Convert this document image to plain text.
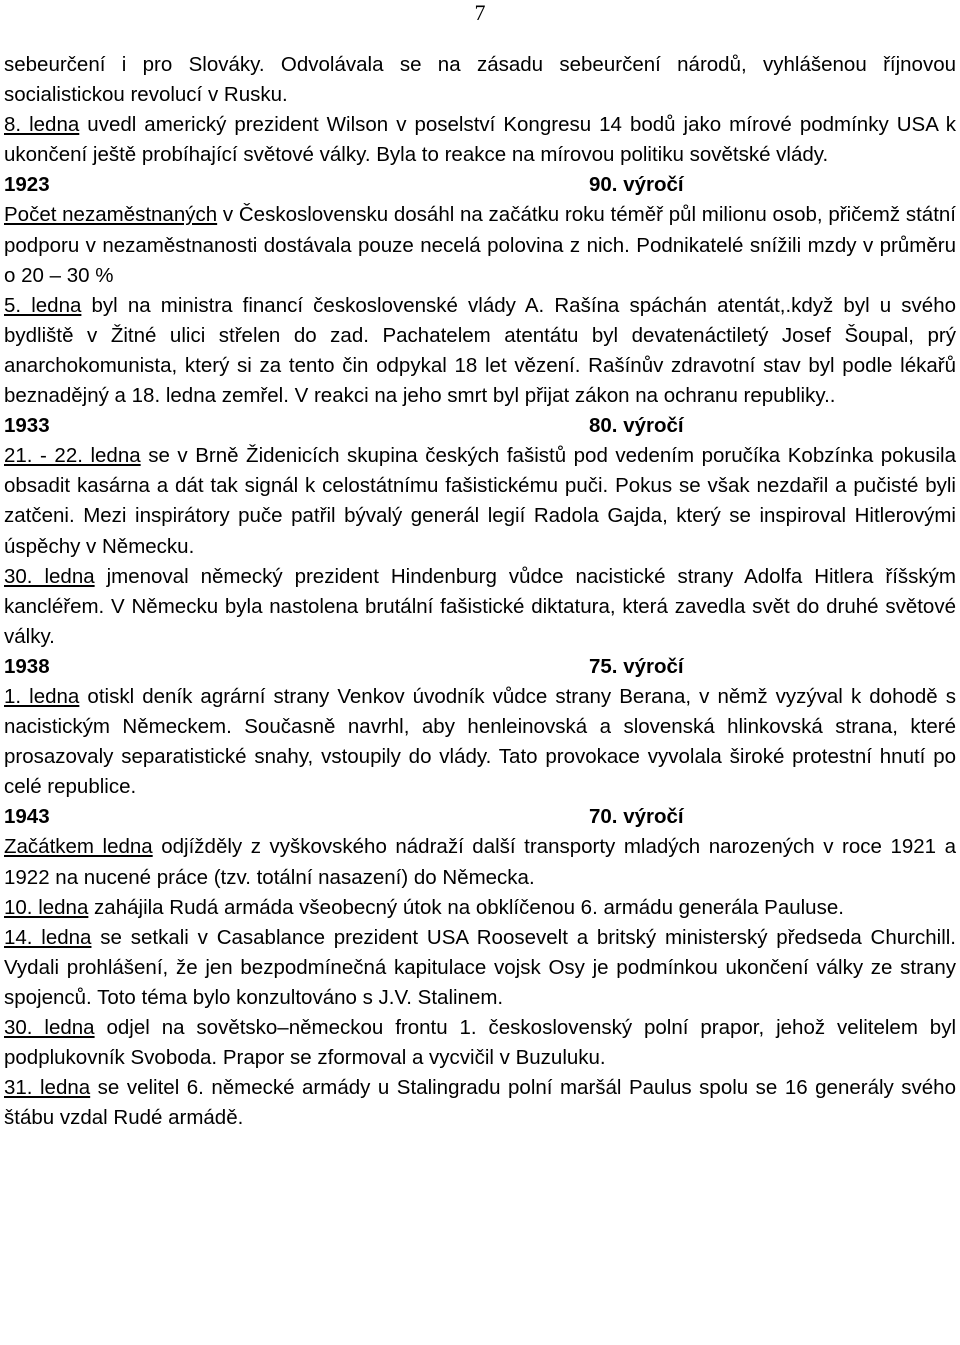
7

sebeurčení i pro Slováky. Odvolávala se na zásadu sebeurčení národů, vyhlášenou říjnovou socialistickou revolucí v Rusku.

8. ledna uvedl americký prezident Wilson v poselství Kongresu 14 bodů jako mírové podmínky USA k ukončení ještě probíhající světové války. Byla to reakce na mírovou politiku sovětské vlády.

1923	90. výročí

Počet nezaměstnaných v Československu dosáhl na začátku roku téměř půl milionu osob, přičemž státní podporu v nezaměstnanosti dostávala pouze necelá polovina z nich. Podnikatelé snížili mzdy v průměru o 20 – 30 %

5. ledna byl na ministra financí československé vlády A. Rašína spáchán atentát,.když byl u svého bydliště v Žitné ulici střelen do zad. Pachatelem atentátu byl devatenáctiletý Josef Šoupal, prý anarchokomunista, který si za tento čin odpykal 18 let vězení. Rašínův zdravotní stav byl podle lékařů beznadějný a 18. ledna zemřel. V reakci na jeho smrt byl přijat zákon na ochranu republiky..

1933	80. výročí

21. - 22. ledna se v Brně Židenicích skupina českých fašistů pod vedením poručíka Kobzínka pokusila obsadit kasárna a dát tak signál k celostátnímu fašistickému puči. Pokus se však nezdařil a pučisté byli zatčeni. Mezi inspirátory puče patřil bývalý generál legií Radola Gajda, který se inspiroval Hitlerovými úspěchy v Německu.

30. ledna jmenoval německý prezident Hindenburg vůdce nacistické strany Adolfa Hitlera říšským kancléřem. V Německu byla nastolena brutální fašistické diktatura, která zavedla svět do druhé světové války.

1938	75. výročí

1. ledna otiskl deník agrární strany Venkov úvodník vůdce strany Berana, v němž vyzýval k dohodě s nacistickým Německem. Současně navrhl, aby henleinovská a slovenská hlinkovská strana, které prosazovaly separatistické snahy, vstoupily do vlády. Tato provokace vyvolala široké protestní hnutí po celé republice.

1943	70. výročí

Začátkem ledna odjížděly z vyškovského nádraží další transporty mladých narozených v roce 1921 a 1922 na nucené práce (tzv. totální nasazení) do Německa.

10. ledna zahájila Rudá armáda všeobecný útok na obklíčenou 6. armádu generála Pauluse.

14. ledna se setkali v Casablance prezident USA Roosevelt a britský ministerský předseda Churchill. Vydali prohlášení, že jen bezpodmínečná kapitulace vojsk Osy je podmínkou ukončení války ze strany spojenců. Toto téma bylo konzultováno s J.V. Stalinem.

30. ledna odjel na sovětsko–německou frontu 1. československý polní prapor, jehož velitelem byl podplukovník Svoboda. Prapor se zformoval a vycvičil v Buzuluku.

31. ledna se velitel 6. německé armády u Stalingradu polní maršál Paulus spolu se 16 generály svého štábu vzdal Rudé armádě.
